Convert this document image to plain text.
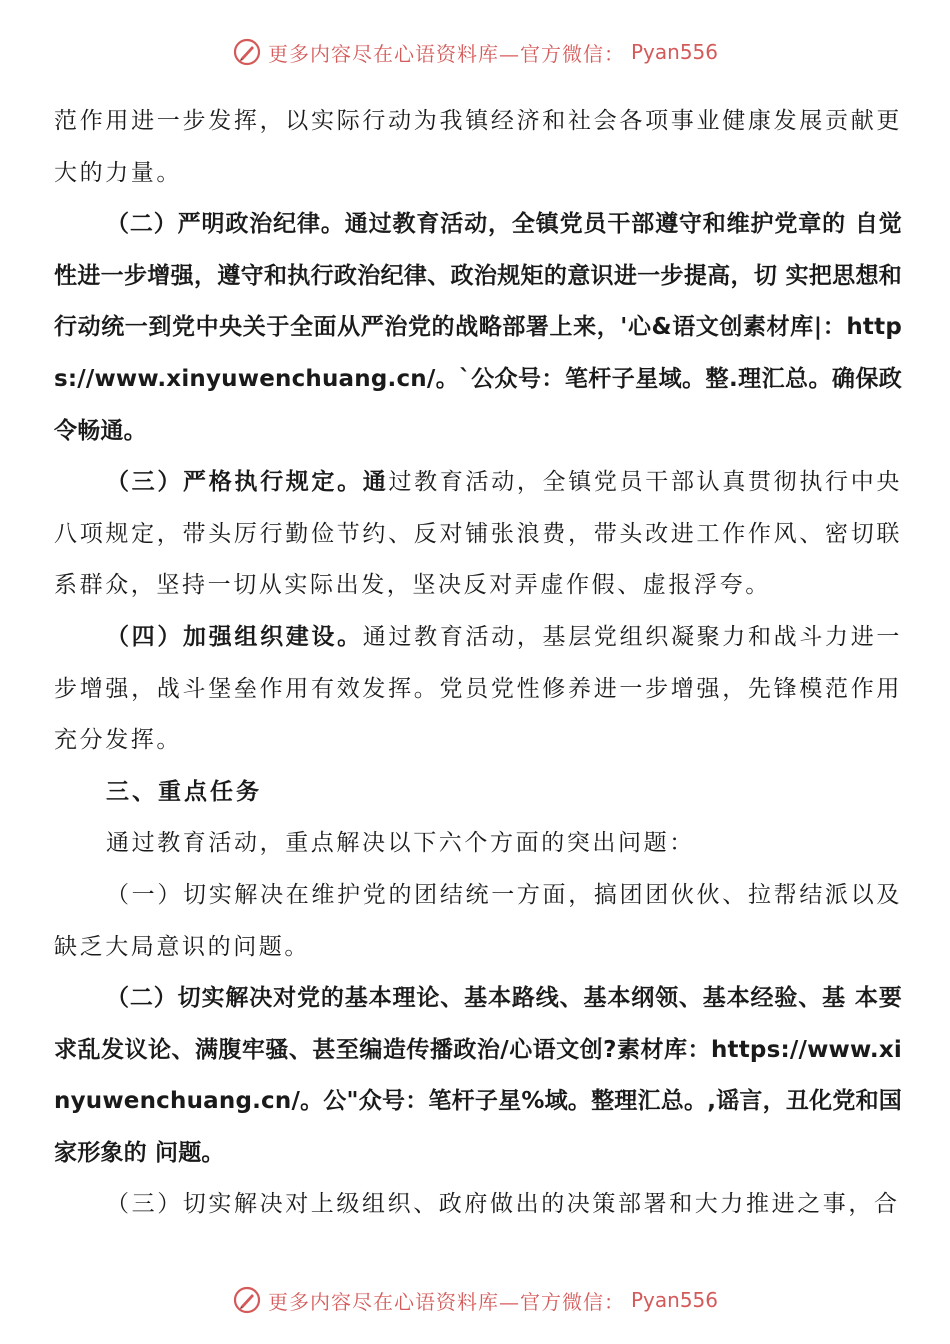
更多内容尽在心语资料库—官方微信： Pyan556

范作用进一步发挥，以实际行动为我镇经济和社会各项事业健康发展贡献更大的力量。

（二）严明政治纪律。通过教育活动，全镇党员干部遵守和维护党章的 自觉性进一步增强，遵守和执行政治纪律、政治规矩的意识进一步提高，切 实把思想和行动统一到党中央关于全面从严治党的战略部署上来，'心&语文创素材库|：https://www.xinyuwenchuang.cn/。`公众号：笔杆子星域。整.理汇总。确保政令畅通。

（三）严格执行规定。通过教育活动，全镇党员干部认真贯彻执行中央八项规定，带头厉行勤俭节约、反对铺张浪费，带头改进工作作风、密切联系群众，坚持一切从实际出发，坚决反对弄虚作假、虚报浮夸。

（四）加强组织建设。通过教育活动，基层党组织凝聚力和战斗力进一步增强，战斗堡垒作用有效发挥。党员党性修养进一步增强，先锋模范作用充分发挥。

三、重点任务

通过教育活动，重点解决以下六个方面的突出问题：

（一）切实解决在维护党的团结统一方面，搞团团伙伙、拉帮结派以及缺乏大局意识的问题。

（二）切实解决对党的基本理论、基本路线、基本纲领、基本经验、基 本要求乱发议论、满腹牢骚、甚至编造传播政治/心语文创?素材库：https://www.xinyuwenchuang.cn/。公"众号：笔杆子星%域。整理汇总。,谣言，丑化党和国家形象的 问题。

（三）切实解决对上级组织、政府做出的决策部署和大力推进之事，合

更多内容尽在心语资料库—官方微信： Pyan556
